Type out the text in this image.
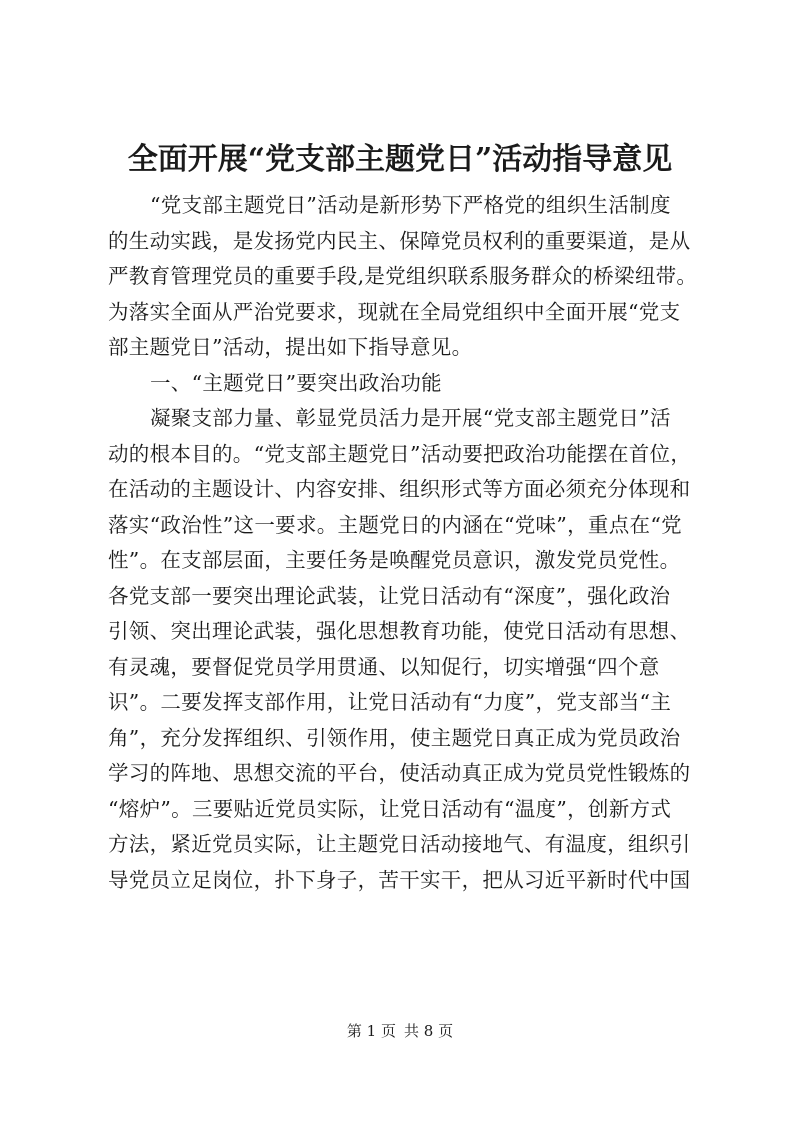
全面开展“党支部主题党日”活动指导意见
“党支部主题党日”活动是新形势下严格党的组织生活制度
的生动实践，是发扬党内民主、保障党员权利的重要渠道，是从
严教育管理党员的重要手段,是党组织联系服务群众的桥梁纽带。
为落实全面从严治党要求，现就在全局党组织中全面开展“党支
部主题党日”活动，提出如下指导意见。
一、“主题党日”要突出政治功能
凝聚支部力量、彰显党员活力是开展“党支部主题党日”活
动的根本目的。“党支部主题党日”活动要把政治功能摆在首位，
在活动的主题设计、内容安排、组织形式等方面必须充分体现和
落实“政治性”这一要求。主题党日的内涵在“党味”，重点在“党
性”。在支部层面，主要任务是唤醒党员意识，激发党员党性。
各党支部一要突出理论武装，让党日活动有“深度”，强化政治
引领、突出理论武装，强化思想教育功能，使党日活动有思想、
有灵魂，要督促党员学用贯通、以知促行，切实增强“四个意
识”。二要发挥支部作用，让党日活动有“力度”，党支部当“主
角”，充分发挥组织、引领作用，使主题党日真正成为党员政治
学习的阵地、思想交流的平台，使活动真正成为党员党性锻炼的
“熔炉”。三要贴近党员实际，让党日活动有“温度”，创新方式
方法，紧近党员实际，让主题党日活动接地气、有温度，组织引
导党员立足岗位，扑下身子，苦干实干，把从习近平新时代中国
第 1 页 共 8 页
